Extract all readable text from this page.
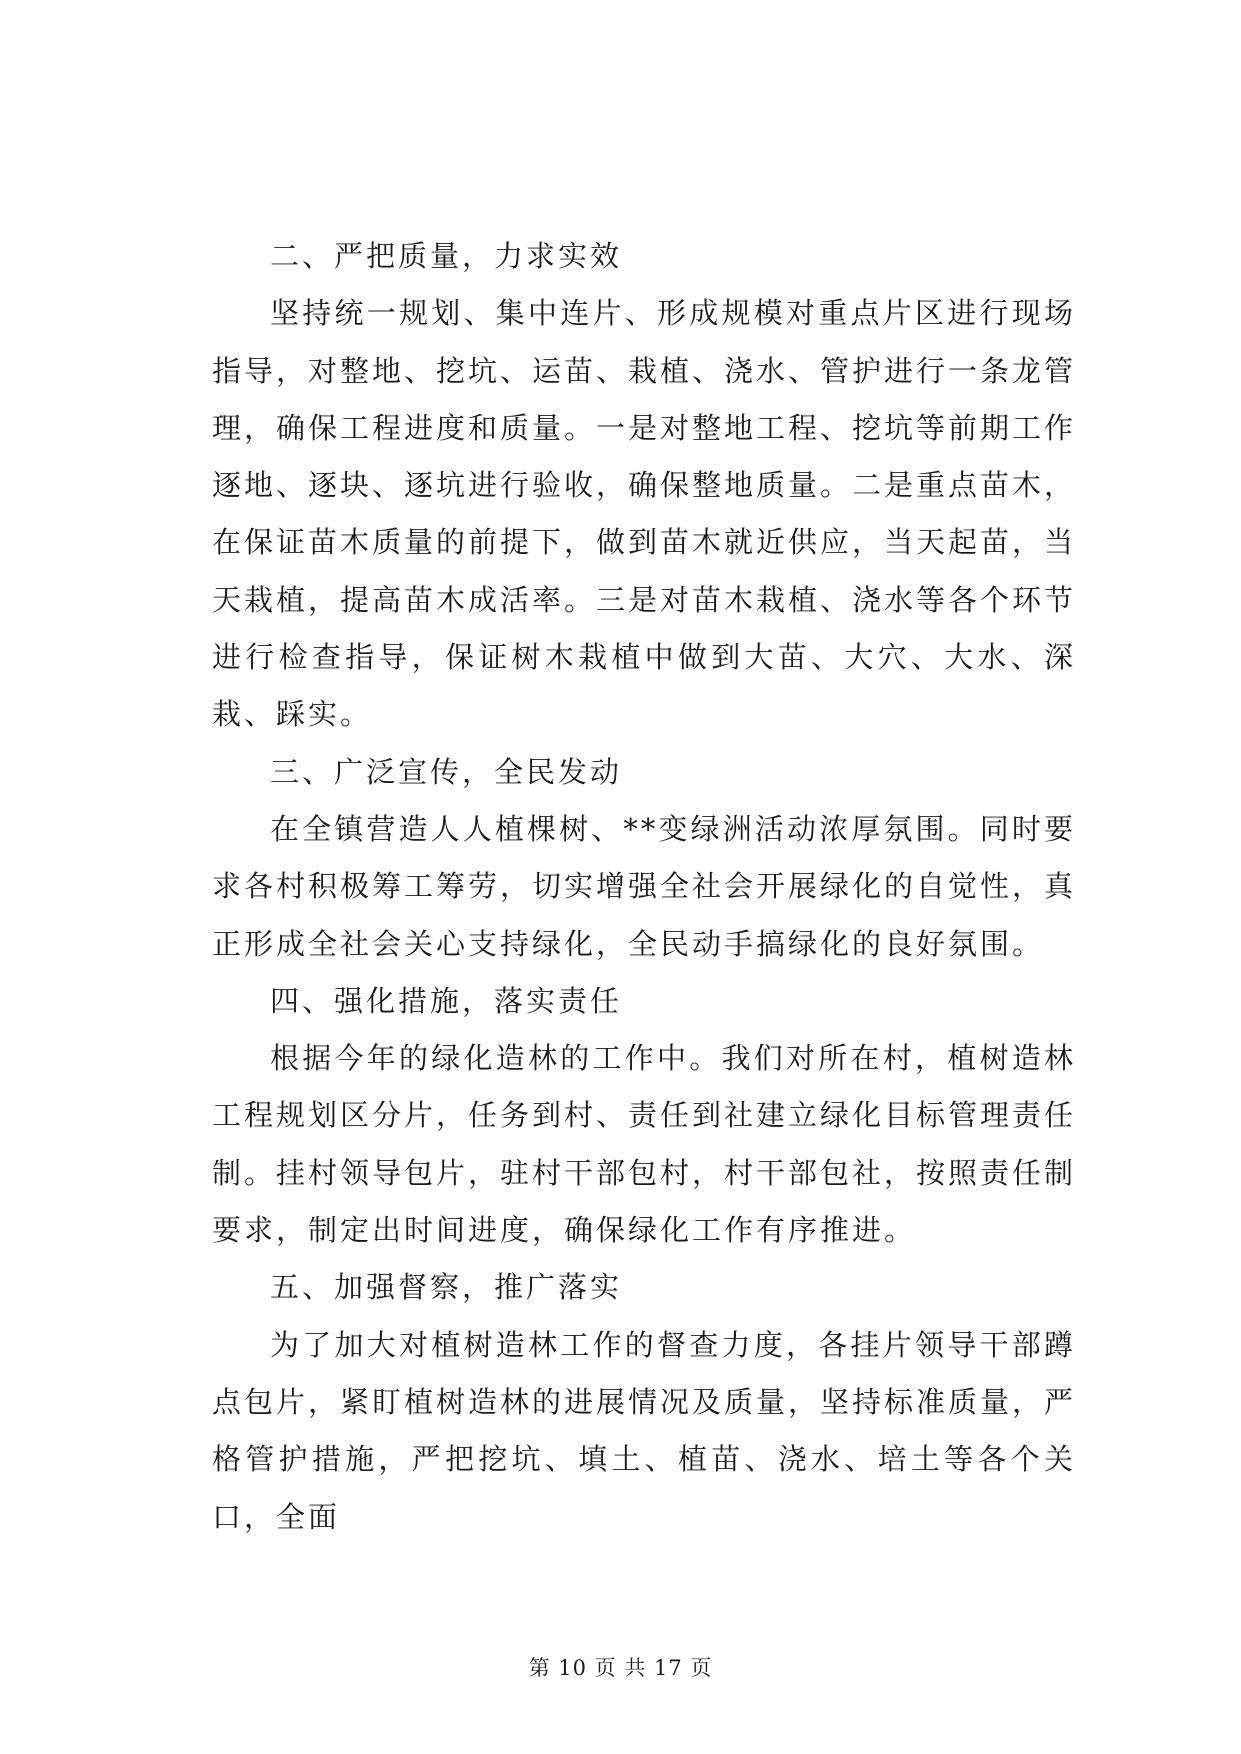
二、严把质量，力求实效

坚持统一规划、集中连片、形成规模对重点片区进行现场指导，对整地、挖坑、运苗、栽植、浇水、管护进行一条龙管理，确保工程进度和质量。一是对整地工程、挖坑等前期工作逐地、逐块、逐坑进行验收，确保整地质量。二是重点苗木，在保证苗木质量的前提下，做到苗木就近供应，当天起苗，当天栽植，提高苗木成活率。三是对苗木栽植、浇水等各个环节进行检查指导，保证树木栽植中做到大苗、大穴、大水、深栽、踩实。

三、广泛宣传，全民发动

在全镇营造人人植棵树、**变绿洲活动浓厚氛围。同时要求各村积极筹工筹劳，切实增强全社会开展绿化的自觉性，真正形成全社会关心支持绿化，全民动手搞绿化的良好氛围。

四、强化措施，落实责任

根据今年的绿化造林的工作中。我们对所在村，植树造林工程规划区分片，任务到村、责任到社建立绿化目标管理责任制。挂村领导包片，驻村干部包村，村干部包社，按照责任制要求，制定出时间进度，确保绿化工作有序推进。

五、加强督察，推广落实

为了加大对植树造林工作的督查力度，各挂片领导干部蹲点包片，紧盯植树造林的进展情况及质量，坚持标准质量，严格管护措施，严把挖坑、填土、植苗、浇水、培土等各个关口，全面

第 10 页 共 17 页
